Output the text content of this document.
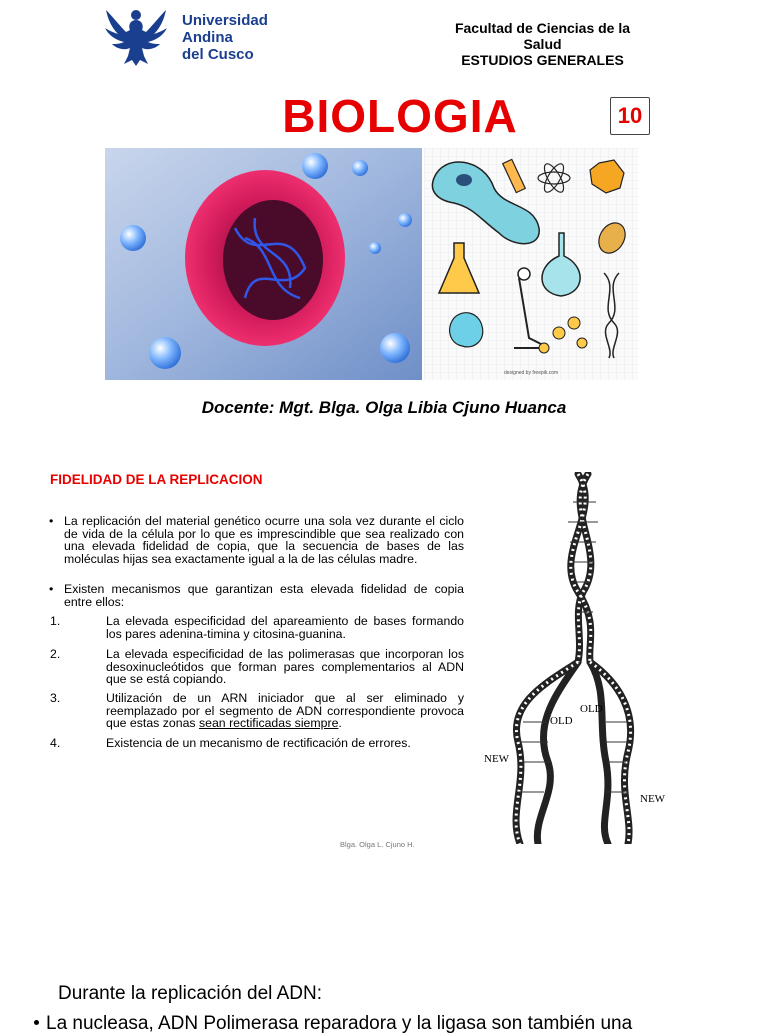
Universidad
Andina
del Cusco
Facultad de Ciencias de la
Salud
ESTUDIOS GENERALES
BIOLOGIA	10
designed by freepik.com
Docente: Mgt. Blga. Olga Libia Cjuno Huanca
FIDELIDAD DE LA REPLICACION
• La replicación del material genético ocurre una sola vez durante el ciclo de vida de la célula por lo que es imprescindible que sea realizado con una elevada fidelidad de copia, que la secuencia de bases de las moléculas hijas sea exactamente igual a la de las células madre.
• Existen mecanismos que garantizan esta elevada fidelidad de copia entre ellos:
1.	La elevada especificidad del apareamiento de bases formando los pares adenina-timina y citosina-guanina.
2.	La elevada especificidad de las polimerasas que incorporan los desoxinucleótidos que forman pares complementarios al ADN que se está copiando.
3.	Utilización de un ARN iniciador que al ser eliminado y reemplazado por el segmento de ADN correspondiente provoca que estas zonas sean rectificadas siempre.
4.	Existencia de un mecanismo de rectificación de errores.
Blga. Olga L. Cjuno H.
OLD
OLD
NEW
NEW
Durante la replicación del ADN:
La nucleasa, ADN Polimerasa reparadora y la ligasa son también una
